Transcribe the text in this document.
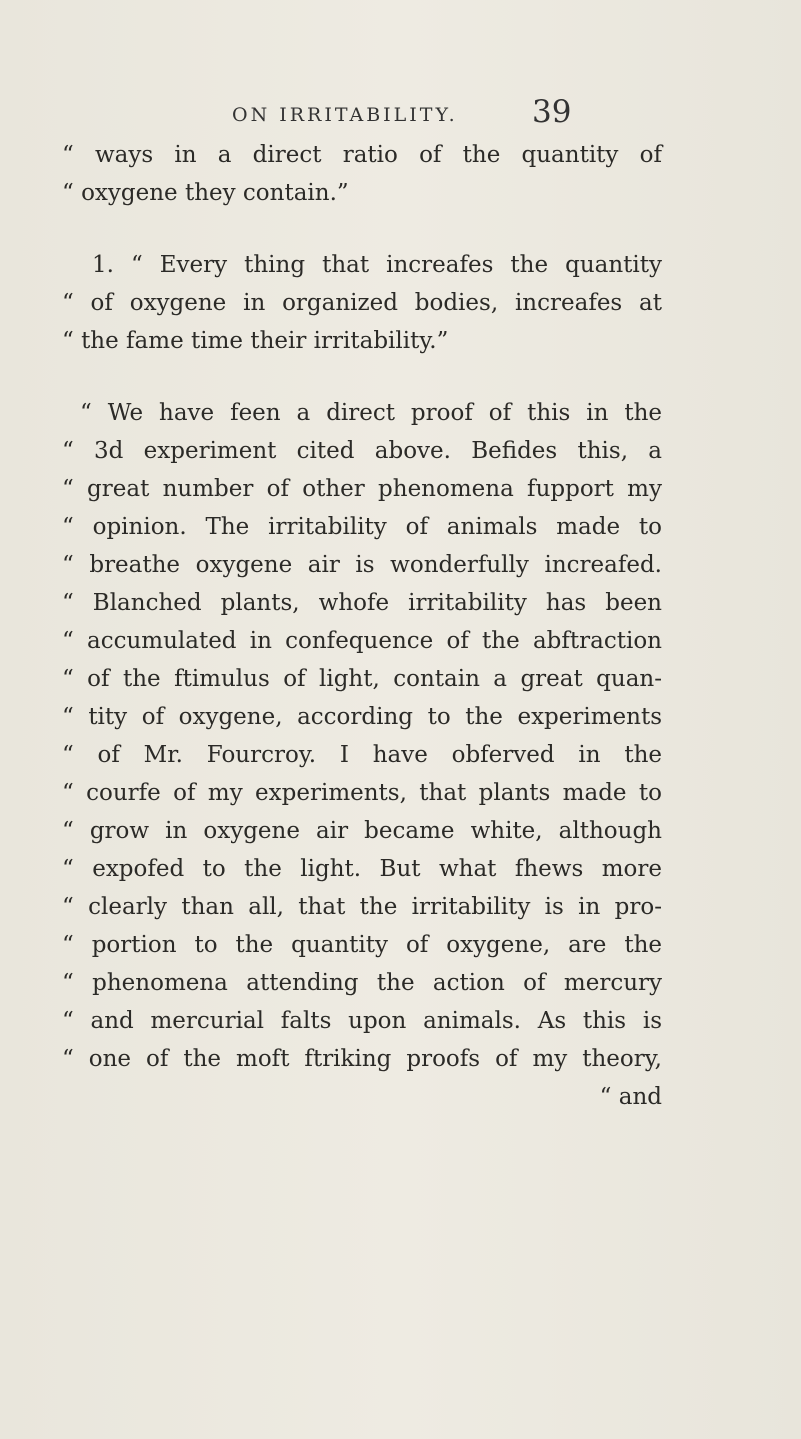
ON IRRITABILITY. 39
“ ways in a direct ratio of the quantity of
“ oxygene they contain.”
1. “ Every thing that increafes the quantity
“ of oxygene in organized bodies, increafes at
“ the fame time their irritability.”
“ We have feen a direct proof of this in the
“ 3d experiment cited above. Befides this, a
“ great number of other phenomena fupport my
“ opinion. The irritability of animals made to
“ breathe oxygene air is wonderfully increafed.
“ Blanched plants, whofe irritability has been
“ accumulated in confequence of the abftraction
“ of the ftimulus of light, contain a great quan-
“ tity of oxygene, according to the experiments
“ of Mr. Fourcroy. I have obferved in the
“ courfe of my experiments, that plants made to
“ grow in oxygene air became white, although
“ expofed to the light. But what fhews more
“ clearly than all, that the irritability is in pro-
“ portion to the quantity of oxygene, are the
“ phenomena attending the action of mercury
“ and mercurial falts upon animals. As this is
“ one of the moft ftriking proofs of my theory,
“ and
